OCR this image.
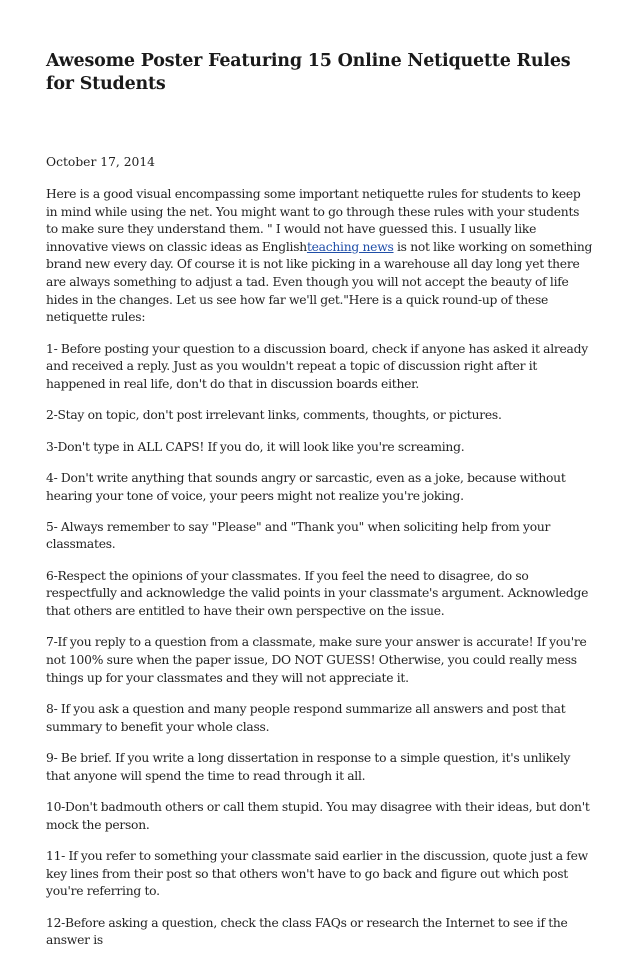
Awesome Poster Featuring 15 Online Netiquette Rules for Students

October 17, 2014

Here is a good visual encompassing some important netiquette rules for students to keep in mind while using the net. You might want to go through these rules with your students to make sure they understand them. " I would not have guessed this. I usually like innovative views on classic ideas as Englishteaching news is not like working on something brand new every day. Of course it is not like picking in a warehouse all day long yet there are always something to adjust a tad. Even though you will not accept the beauty of life hides in the changes. Let us see how far we'll get."Here is a quick round-up of these netiquette rules:

1- Before posting your question to a discussion board, check if anyone has asked it already and received a reply. Just as you wouldn't repeat a topic of discussion right after it happened in real life, don't do that in discussion boards either.

2-Stay on topic, don't post irrelevant links, comments, thoughts, or pictures.

3-Don't type in ALL CAPS! If you do, it will look like you're screaming.

4- Don't write anything that sounds angry or sarcastic, even as a joke, because without hearing your tone of voice, your peers might not realize you're joking.

5- Always remember to say "Please" and "Thank you" when soliciting help from your classmates.

6-Respect the opinions of your classmates. If you feel the need to disagree, do so respectfully and acknowledge the valid points in your classmate's argument. Acknowledge that others are entitled to have their own perspective on the issue.

7-If you reply to a question from a classmate, make sure your answer is accurate! If you're not 100% sure when the paper issue, DO NOT GUESS! Otherwise, you could really mess things up for your classmates and they will not appreciate it.

8- If you ask a question and many people respond summarize all answers and post that summary to benefit your whole class.

9- Be brief. If you write a long dissertation in response to a simple question, it's unlikely that anyone will spend the time to read through it all.

10-Don't badmouth others or call them stupid. You may disagree with their ideas, but don't mock the person.

11- If you refer to something your classmate said earlier in the discussion, quote just a few key lines from their post so that others won't have to go back and figure out which post you're referring to.

12-Before asking a question, check the class FAQs or research the Internet to see if the answer is
